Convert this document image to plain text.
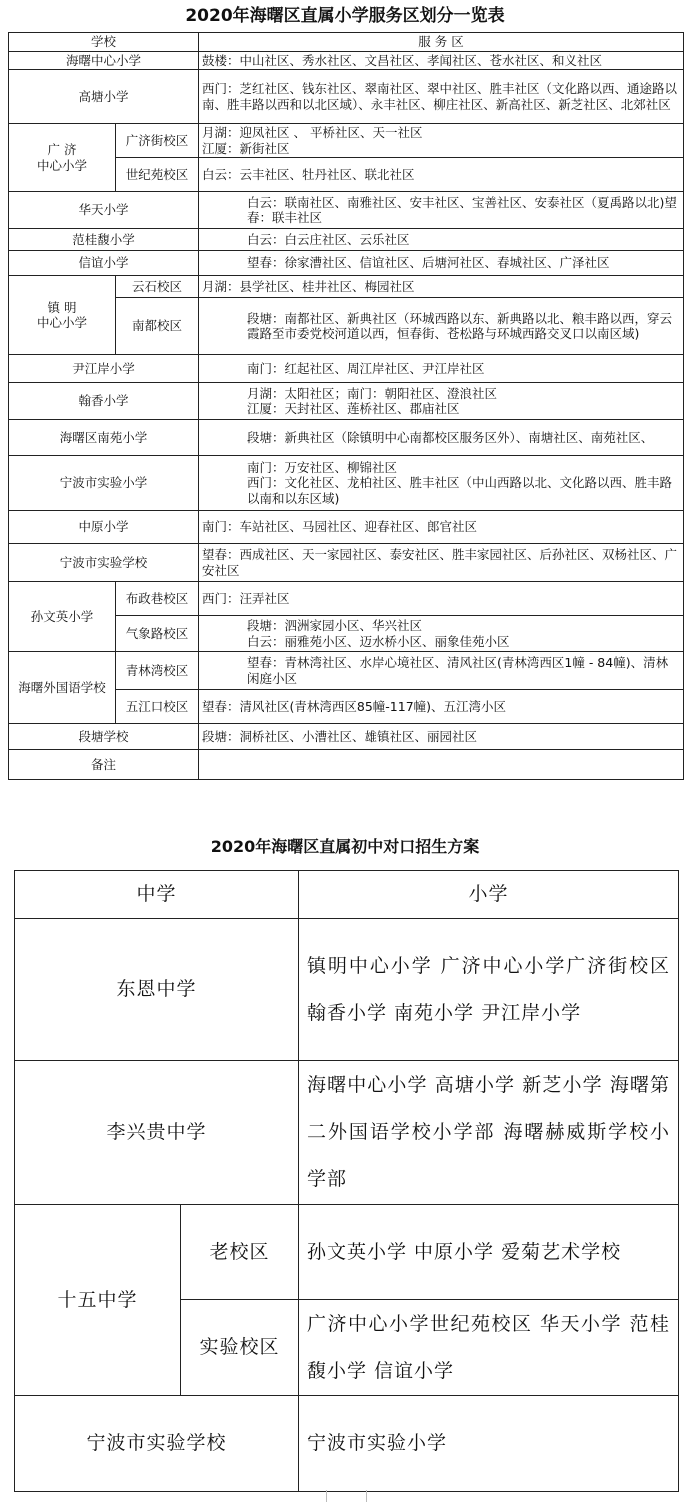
2020年海曙区直属小学服务区划分一览表
学校		服 务 区
海曙中心小学		鼓楼：中山社区、秀水社区、文昌社区、孝闻社区、苍水社区、和义社区
高塘小学		西门：芝红社区、钱东社区、翠南社区、翠中社区、胜丰社区（文化路以西、通途路以南、胜丰路以西和以北区域）、永丰社区、柳庄社区、新高社区、新芝社区、北郊社区
广 济
中心小学	广济街校区	月湖：迎凤社区 、 平桥社区、天一社区
江厦：新街社区
	世纪苑校区	白云：云丰社区、牡丹社区、联北社区
华天小学		白云：联南社区、南雅社区、安丰社区、宝善社区、安泰社区（夏禹路以北)望春：联丰社区
范桂馥小学		白云：白云庄社区、云乐社区
信谊小学		望春：徐家漕社区、信谊社区、后塘河社区、春城社区、广泽社区
镇 明
中心小学	云石校区	月湖：县学社区、桂井社区、梅园社区
	南都校区	段塘：南都社区、新典社区（环城西路以东、新典路以北、粮丰路以西，穿云霞路至市委党校河道以西，恒春街、苍松路与环城西路交叉口以南区域)
尹江岸小学		南门：红起社区、周江岸社区、尹江岸社区
翰香小学		月湖：太阳社区；南门：朝阳社区、澄浪社区
江厦：天封社区、莲桥社区、郡庙社区
海曙区南苑小学		段塘：新典社区（除镇明中心南都校区服务区外）、南塘社区、南苑社区、
宁波市实验小学		南门：万安社区、柳锦社区
西门：文化社区、龙柏社区、胜丰社区（中山西路以北、文化路以西、胜丰路以南和以东区域)
中原小学		南门：车站社区、马园社区、迎春社区、郎官社区
宁波市实验学校		望春：西成社区、天一家园社区、泰安社区、胜丰家园社区、后孙社区、双杨社区、广安社区
孙文英小学	布政巷校区	西门：汪弄社区
	气象路校区	段塘：泗洲家园小区、华兴社区
白云：丽雅苑小区、迈水桥小区、丽象佳苑小区
海曙外国语学校	青林湾校区	望春：青林湾社区、水岸心境社区、清风社区(青林湾西区1幢 - 84幢)、清林闲庭小区
	五江口校区	望春：清风社区(青林湾西区85幢-117幢)、五江湾小区
段塘学校		段塘：洞桥社区、小漕社区、雄镇社区、丽园社区
备注		
2020年海曙区直属初中对口招生方案
中学		小学
东恩中学		镇明中心小学 广济中心小学广济街校区 翰香小学 南苑小学 尹江岸小学
李兴贵中学		海曙中心小学 高塘小学 新芝小学 海曙第二外国语学校小学部 海曙赫威斯学校小学部
十五中学	老校区	孙文英小学 中原小学 爱菊艺术学校
	实验校区	广济中心小学世纪苑校区 华天小学 范桂馥小学 信谊小学
宁波市实验学校		宁波市实验小学
